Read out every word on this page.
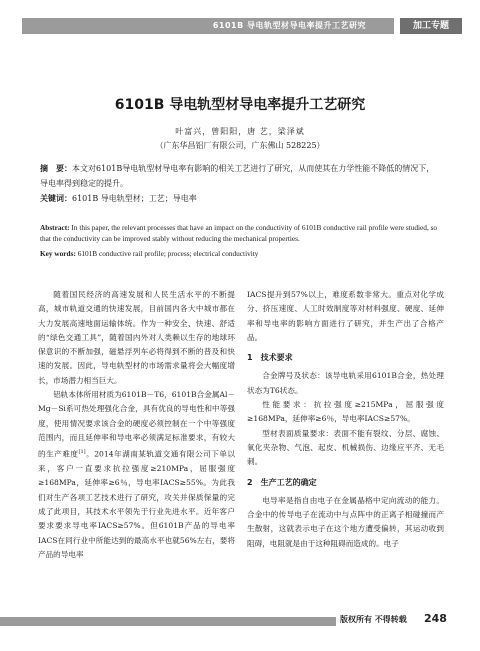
6101B 导电轨型材导电率提升工艺研究	加工专题
6101B 导电轨型材导电率提升工艺研究
叶富兴，曾阳阳，唐 艺，梁泽斌
（广东华昌铝厂有限公司，广东佛山 528225）
摘　要：本文对6101B导电轨型材导电率有影响的相关工艺进行了研究，从而使其在力学性能不降低的情况下，导电率得到稳定的提升。
关键词：6101B 导电轨型材；工艺；导电率
Abstract: In this paper, the relevant processes that have an impact on the conductivity of 6101B conductive rail profile were studied, so that the conductivity can be improved stably without reducing the mechanical properties.
Key words: 6101B conductive rail profile; process; electrical conductivity

随着国民经济的高速发展和人民生活水平的不断提高，城市轨道交通的快速发展，目前国内各大中城市都在大力发展高速地面运输体统。作为一种安全、快速、舒适的“绿色交通工具”，随着国内外对人类赖以生存的地球环保意识的不断加强，磁悬浮列车必将得到不断的普及和快速的发展。因此，导电轨型材的市场需求量将会大幅度增长，市场潜力相当巨大。

铝轨本体所用材质为6101B－T6，6101B合金属Al－Mg－Si系可热处理强化合金，具有优良的导电性和中等强度，使用情况要求该合金的硬度必须控制在一个中等强度范围内，而且延伸率和导电率必须满足标准要求，有较大的生产难度[1]。2014年湖南某轨道交通有限公司下单以来，客户一直要求抗拉强度≥210MPa，屈服强度≥168MPa，延伸率≥6％，导电率IACS≥55%。为此我们对生产各项工艺技术进行了研究，攻关并保质保量的完成了此项目，其技术水平领先于行业先进水平。近年客户要求要求导电率IACS≥57%。但6101B产品的导电率IACS在同行业中所能达到的最高水平也就56%左右，要将产品的导电率

IACS提升到57%以上，难度系数非常大。重点对化学成分、挤压速度、人工时效制度等对材料强度、硬度、延伸率和导电率的影响方面进行了研究，并生产出了合格产品。

1　技术要求

合金牌号及状态：该导电轨采用6101B合金，热处理状态为T6状态。

性能要求：抗拉强度≥215MPa，屈服强度≥168MPa，延伸率≥6％，导电率IACS≥57%。

型材表面质量要求：表面不能有裂纹、分层、腐蚀、氧化夹杂物、气泡、起皮、机械损伤、边缘应平齐、无毛刺。

2　生产工艺的确定

电导率是指自由电子在金属晶格中定向流动的能力。合金中的传导电子在流动中与点阵中的正离子相碰撞而产生散射，这就表示电子在这个地方遭受偏转，其运动收到阻碍，电阻就是由于这种阻碍而造成的。电子

版权所有 不得转载 248
